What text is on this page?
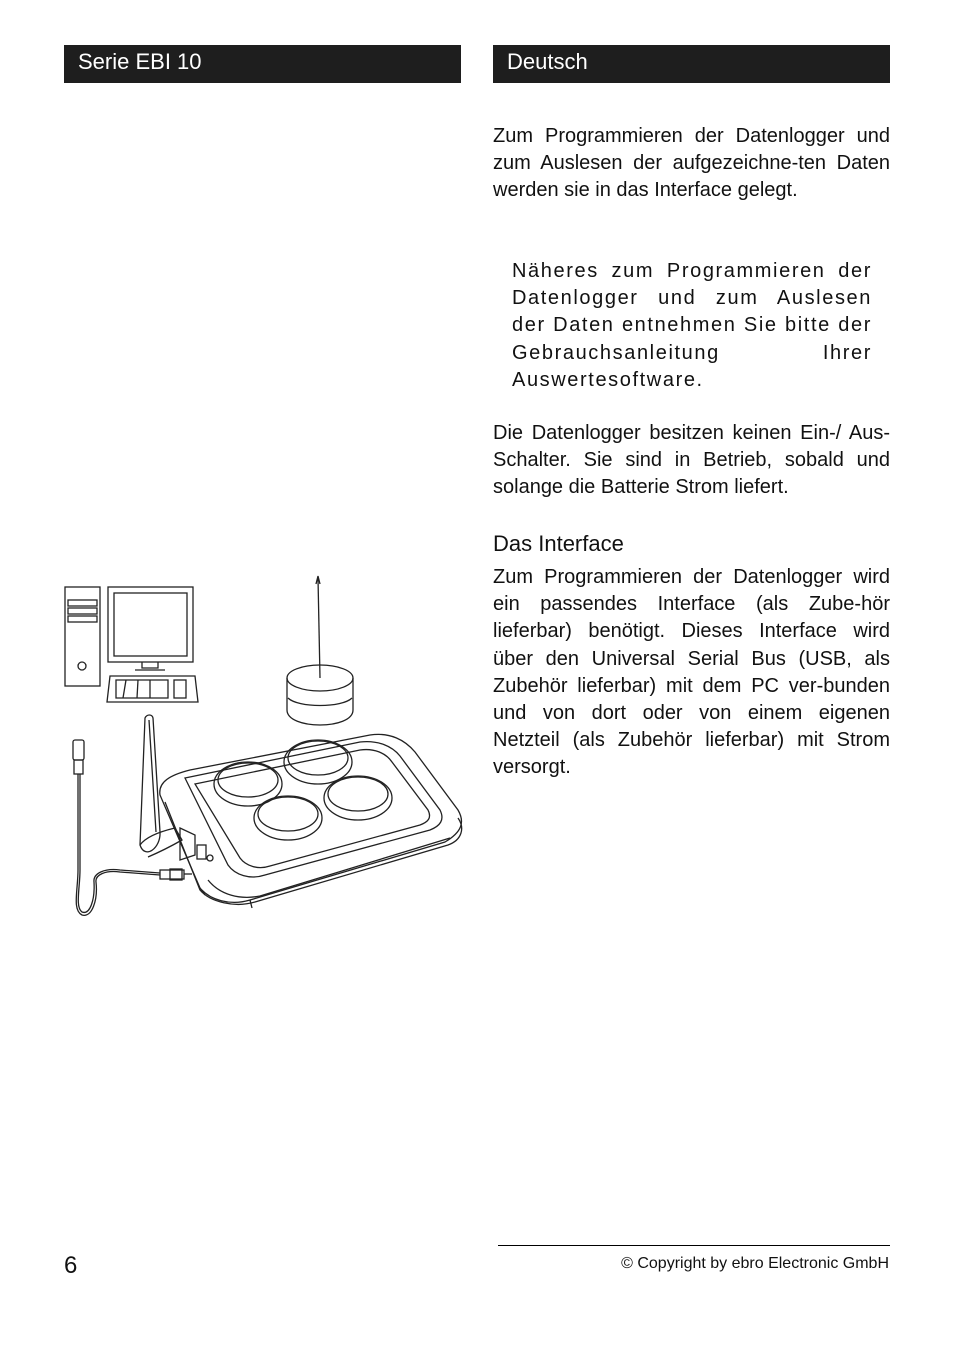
Serie EBI 10	Deutsch

Zum Programmieren der Datenlogger und zum Auslesen der aufgezeichne-ten Daten werden sie in das Interface gelegt.

Näheres zum Programmieren der Datenlogger und zum Auslesen der Daten entnehmen Sie bitte der Gebrauchsanleitung Ihrer Auswertesoftware.

Die Datenlogger besitzen keinen Ein-/ Aus-Schalter. Sie sind in Betrieb, sobald und solange die Batterie Strom liefert.

Das Interface

Zum Programmieren der Datenlogger wird ein passendes Interface (als Zube-hör lieferbar) benötigt. Dieses Interface wird über den Universal Serial Bus (USB, als Zubehör lieferbar) mit dem PC ver-bunden und von dort oder von einem eigenen Netzteil (als Zubehör lieferbar) mit Strom versorgt.

6	© Copyright by ebro Electronic GmbH
